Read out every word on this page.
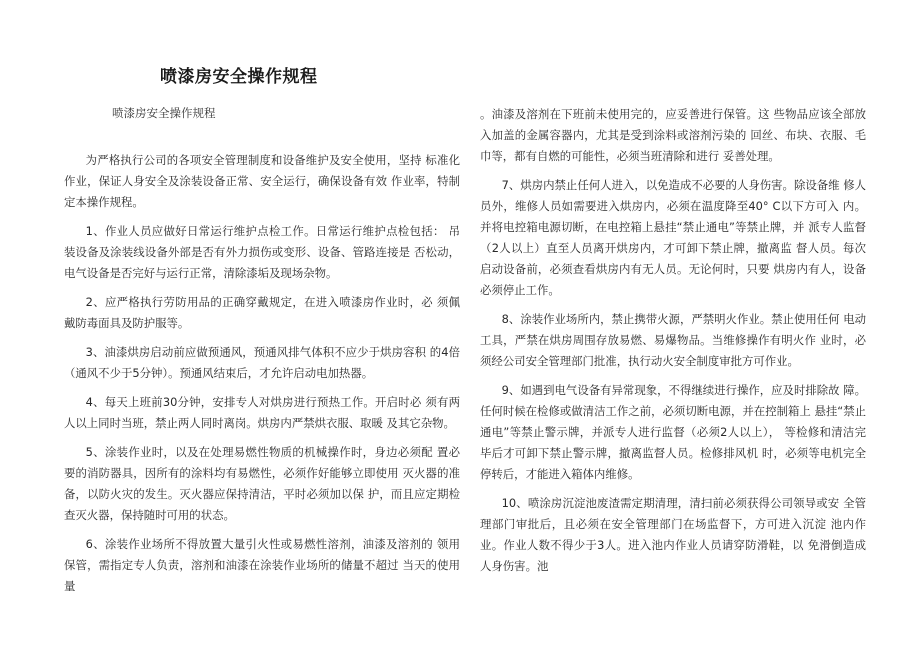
喷漆房安全操作规程
喷漆房安全操作规程

为严格执行公司的各项安全管理制度和设备维护及安全使用，坚持 标准化作业，保证人身安全及涂装设备正常、安全运行，确保设备有效 作业率，特制定本操作规程。

1、作业人员应做好日常运行维护点检工作。日常运行维护点检包括： 吊装设备及涂装线设备外部是否有外力损伤或变形、设备、管路连接是 否松动，电气设备是否完好与运行正常，清除漆垢及现场杂物。

2、应严格执行劳防用品的正确穿戴规定，在进入喷漆房作业时，必 须佩戴防毒面具及防护服等。

3、油漆烘房启动前应做预通风，预通风排气体积不应少于烘房容积 的4倍（通风不少于5分钟）。预通风结束后，才允许启动电加热器。

4、每天上班前30分钟，安排专人对烘房进行预热工作。开启时必 须有两人以上同时当班，禁止两人同时离岗。烘房内严禁烘衣服、取暖 及其它杂物。

5、涂装作业时，以及在处理易燃性物质的机械操作时，身边必须配 置必要的消防器具，因所有的涂料均有易燃性，必须作好能够立即使用 灭火器的准备，以防火灾的发生。灭火器应保持清洁，平时必须加以保 护，而且应定期检查灭火器，保持随时可用的状态。

6、涂装作业场所不得放置大量引火性或易燃性溶剂，油漆及溶剂的 领用保管，需指定专人负责，溶剂和油漆在涂装作业场所的储量不超过 当天的使用量

。油漆及溶剂在下班前未使用完的，应妥善进行保管。这 些物品应该全部放入加盖的金属容器内，尤其是受到涂料或溶剂污染的 回丝、布块、衣服、毛巾等，都有自燃的可能性，必须当班清除和进行 妥善处理。

7、烘房内禁止任何人进入，以免造成不必要的人身伤害。除设备维 修人员外，维修人员如需要进入烘房内，必须在温度降至40° C以下方可入 内。并将电控箱电源切断，在电控箱上悬挂“禁止通电”等禁止牌，并 派专人监督（2人以上）直至人员离开烘房内，才可卸下禁止牌，撤离监 督人员。每次启动设备前，必须查看烘房内有无人员。无论何时，只要 烘房内有人，设备必须停止工作。

8、涂装作业场所内，禁止携带火源，严禁明火作业。禁止使用任何 电动工具，严禁在烘房周围存放易燃、易爆物品。当维修操作有明火作 业时，必须经公司安全管理部门批准，执行动火安全制度审批方可作业。

9、如遇到电气设备有异常现象，不得继续进行操作，应及时排除故 障。任何时候在检修或做清洁工作之前，必须切断电源，并在控制箱上 悬挂“禁止通电”等禁止警示牌，并派专人进行监督（必须2人以上）， 等检修和清洁完毕后才可卸下禁止警示牌，撤离监督人员。检修排风机 时，必须等电机完全停转后，才能进入箱体内维修。

10、喷涂房沉淀池废渣需定期清理，清扫前必须获得公司领导或安 全管理部门审批后，且必须在安全管理部门在场监督下，方可进入沉淀 池内作业。作业人数不得少于3人。进入池内作业人员请穿防滑鞋，以 免滑倒造成人身伤害。池
